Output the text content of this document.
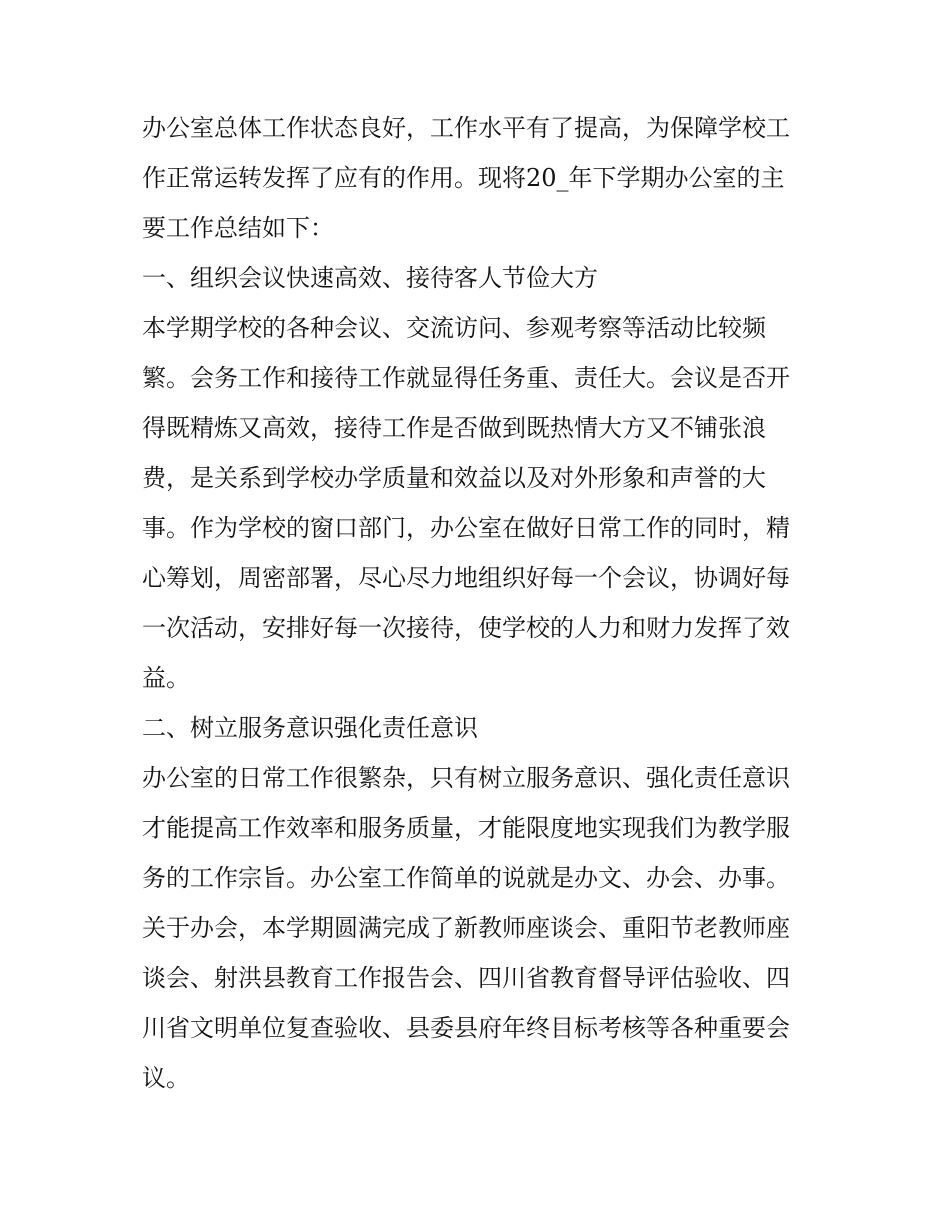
办公室总体工作状态良好，工作水平有了提高，为保障学校工
作正常运转发挥了应有的作用。现将20_年下学期办公室的主
要工作总结如下：
一、组织会议快速高效、接待客人节俭大方
本学期学校的各种会议、交流访问、参观考察等活动比较频
繁。会务工作和接待工作就显得任务重、责任大。会议是否开
得既精炼又高效，接待工作是否做到既热情大方又不铺张浪
费，是关系到学校办学质量和效益以及对外形象和声誉的大
事。作为学校的窗口部门，办公室在做好日常工作的同时，精
心筹划，周密部署，尽心尽力地组织好每一个会议，协调好每
一次活动，安排好每一次接待，使学校的人力和财力发挥了效
益。
二、树立服务意识强化责任意识
办公室的日常工作很繁杂，只有树立服务意识、强化责任意识
才能提高工作效率和服务质量，才能限度地实现我们为教学服
务的工作宗旨。办公室工作简单的说就是办文、办会、办事。
关于办会，本学期圆满完成了新教师座谈会、重阳节老教师座
谈会、射洪县教育工作报告会、四川省教育督导评估验收、四
川省文明单位复查验收、县委县府年终目标考核等各种重要会
议。
